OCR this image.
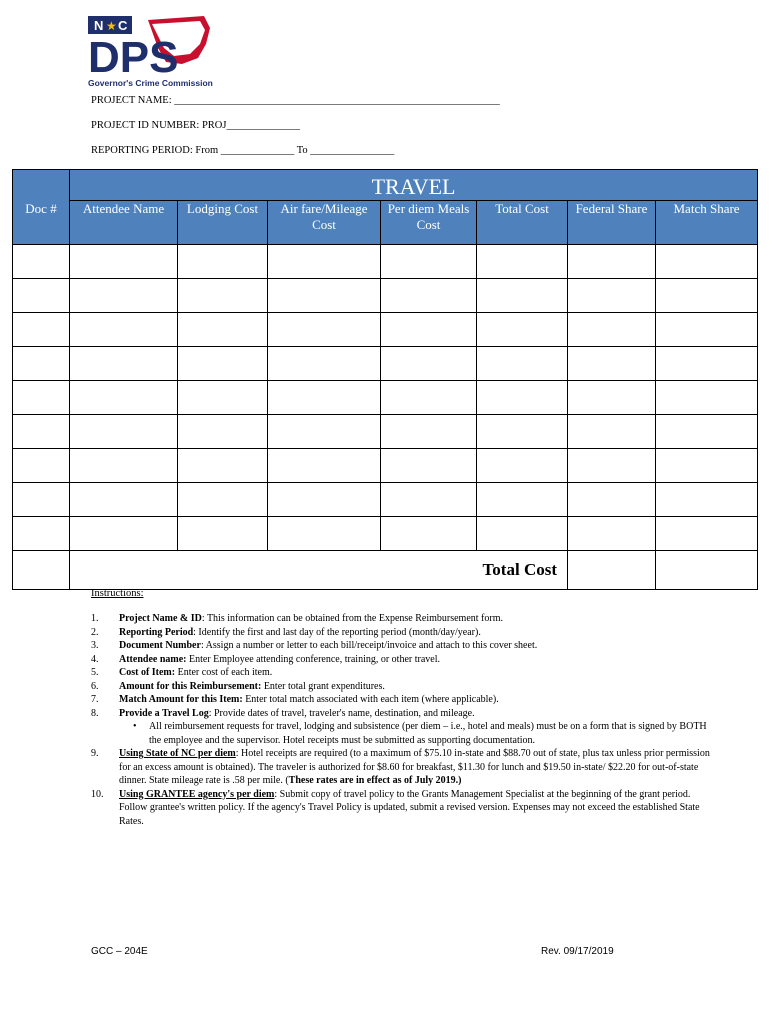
N ★ C
DPS
Governor's Crime Commission
PROJECT NAME: ______________________________________________________________
PROJECT ID NUMBER: PROJ______________
REPORTING PERIOD: From ______________ To ________________
	TRAVEL						
Doc #	Attendee Name	Lodging Cost	Air fare/Mileage Cost	Per diem Meals Cost	Total Cost	Federal Share	Match Share

	Total Cost						
Instructions:
1.	Project Name & ID: This information can be obtained from the Expense Reimbursement form.
2.	Reporting Period: Identify the first and last day of the reporting period (month/day/year).
3.	Document Number: Assign a number or letter to each bill/receipt/invoice and attach to this cover sheet.
4.	Attendee name: Enter Employee attending conference, training, or other travel.
5.	Cost of Item: Enter cost of each item.
6.	Amount for this Reimbursement: Enter total grant expenditures.
7.	Match Amount for this Item: Enter total match associated with each item (where applicable).
8.	Provide a Travel Log: Provide dates of travel, traveler's name, destination, and mileage.
• All reimbursement requests for travel, lodging and subsistence (per diem – i.e., hotel and meals) must be on a form that is signed by BOTH the employee and the supervisor. Hotel receipts must be submitted as supporting documentation.
9.	Using State of NC per diem: Hotel receipts are required (to a maximum of $75.10 in-state and $88.70 out of state, plus tax unless prior permission for an excess amount is obtained). The traveler is authorized for $8.60 for breakfast, $11.30 for lunch and $19.50 in-state/ $22.20 for out-of-state dinner. State mileage rate is .58 per mile. (These rates are in effect as of July 2019.)
10.	Using GRANTEE agency's per diem: Submit copy of travel policy to the Grants Management Specialist at the beginning of the grant period. Follow grantee's written policy. If the agency's Travel Policy is updated, submit a revised version. Expenses may not exceed the established State Rates.
GCC – 204E	Rev. 09/17/2019
